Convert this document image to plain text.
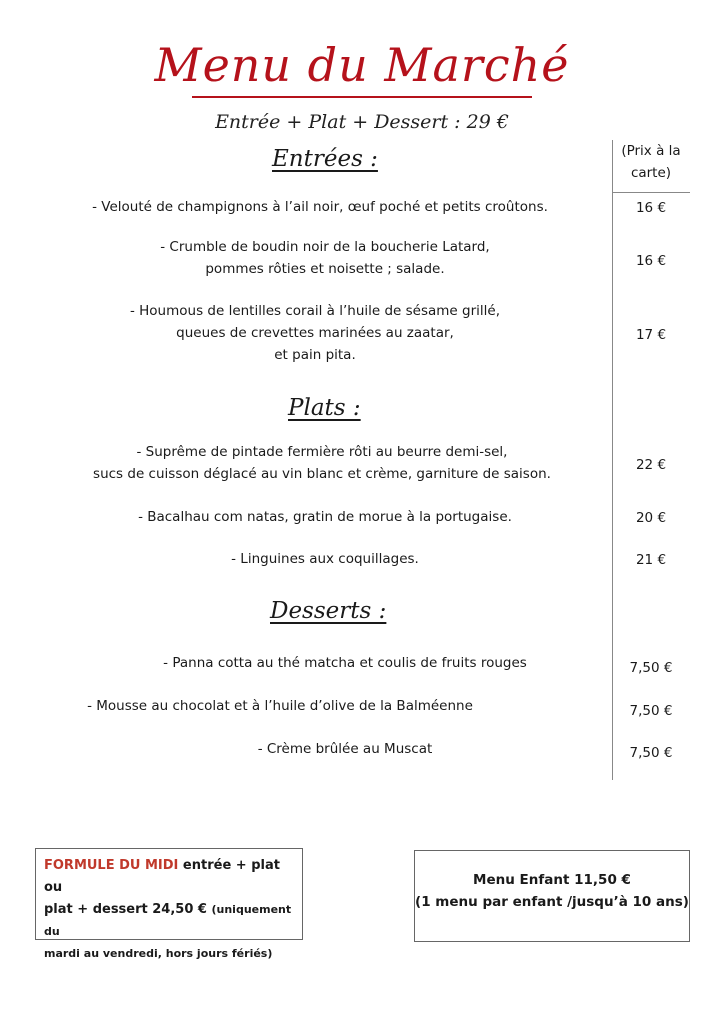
Menu du Marché
Entrée + Plat + Dessert : 29 €
(Prix à la
carte)
Entrées :
- Velouté de champignons à l’ail noir, œuf poché et petits croûtons.	16 €
- Crumble de boudin noir de la boucherie Latard,
pommes rôties et noisette ; salade.	16 €
- Houmous de lentilles corail à l’huile de sésame grillé,
queues de crevettes marinées au zaatar,
et pain pita.
17 €
Plats :
- Suprême de pintade fermière rôti au beurre demi-sel,
sucs de cuisson déglacé au vin blanc et crème, garniture de saison.
22 €
- Bacalhau com natas, gratin de morue à la portugaise.	20 €
- Linguines aux coquillages.	21 €
Desserts :
- Panna cotta au thé matcha et coulis de fruits rouges	7,50 €
- Mousse au chocolat et à l’huile d’olive de la Balméenne	7,50 €
- Crème brûlée au Muscat	7,50 €
FORMULE DU MIDI entrée + plat ou
plat + dessert 24,50 € (uniquement du
mardi au vendredi, hors jours fériés)
Menu Enfant 11,50 €
(1 menu par enfant /jusqu’à 10 ans)
